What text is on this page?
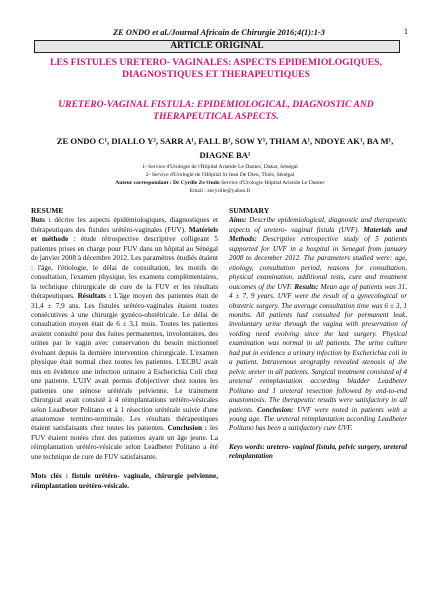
ZE ONDO et al./Journal Africain de Chirurgie 2016;4(1):1-3	1
ARTICLE ORIGINAL
LES FISTULES URETERO- VAGINALES: ASPECTS EPIDEMIOLOGIQUES, DIAGNOSTIQUES ET THERAPEUTIQUES
URETERO-VAGINAL FISTULA: EPIDEMIOLOGICAL, DIAGNOSTIC AND THERAPEUTICAL ASPECTS.
ZE ONDO C¹, DIALLO Y², SARR A¹, FALL B¹, SOW Y¹, THIAM A¹, NDOYE AK¹, BA M¹, DIAGNE BA¹
1- Service d'Urologie de l'Hôpital Aristide Le Dantec, Dakar, Sénégal
2- Service d'Urologie de l'Hôpital St Jean De Dieu, Thiès, Sénégal
Auteur correspondant : Dr Cyrille Ze Ondo Service d'Urologie Hôpital Aristide Le Dantec
Email : zecyrille@yahoo.fr
RESUME

Buts : décrire les aspects épidémiologiques, diagnostiques et thérapeutiques des fistules urétéro-vaginales (FUV). Matériels et méthode : étude rétrospective descriptive colligeant 5 patientes prises en charge pour FUV dans un hôpital au Sénégal de janvier 2008 à décembre 2012. Les paramètres étudiés étaient : l'âge, l'étiologie, le délai de consultation, les motifs de consultation, l'examen physique, les examens complémentaires, la technique chirurgicale de cure de la FUV et les résultats thérapeutiques. Résultats : L'âge moyen des patientes était de 31,4 ± 7,9 ans. Les fistules urétéro-vaginales étaient toutes consécutives à une chirurgie gynéco-obstétricale. Le délai de consultation moyen était de 6 ± 3,1 mois. Toutes les patientes avaient consulté pour des fuites permanentes, involontaires, des urines par le vagin avec conservation du besoin mictionnel évoluant depuis la dernière intervention chirurgicale. L'examen physique était normal chez toutes les patientes. L'ECBU avait mis en évidence une infection urinaire à Escherichia Coli chez une patiente. L'UIV avait permis d'objectiver chez toutes les patientes une sténose urétérale pelvienne. Le traitement chirurgical avait consisté à 4 réimplantations urétéro-vésicales selon Leadbeter Politano et à 1 résection urétérale suivie d'une anastomose termino-terminale. Les résultats thérapeutiques étaient satisfaisants chez toutes les patientes. Conclusion : les FUV étaient notées chez des patientes ayant un âge jeune. La réimplantation urétéro-vésicale selon Leadbeter Politano a été une technique de cure de FUV satisfaisante.

Mots clés : fistule urétéro- vaginale, chirurgie pelvienne, réimplantation urétéro-vésicale.

SUMMARY

Aims: Describe epidemiological, diagnostic and therapeutic aspects of uretero- vaginal fistula (UVF). Materials and Methods: Descriptive retrospective study of 5 patients supported for UVF in a hospital in Senegal from january 2008 to december 2012. The parameters studied were: age, etiology, consultation period, reasons for consultation, physical examination, additional tests, cure and treatment outcomes of the UVF. Results: Mean age of patients was 31, 4 ± 7, 9 years. UVF were the result of a gynecological or obstetric surgery. The average consultation time was 6 ± 3, 1 months. All patients had consulted for permanent leak, involuntary urine through the vagina with preservation of voiding need evolving since the last surgery. Physical examination was normal in all patients. The urine culture had put in evidence a urinary infection by Escherichia coli in a patient. Intravenous urography revealed stenosis of the pelvic ureter in all patients. Surgical treatment consisted of 4 ureteral reimplantation according bladder Leadbeter Politano and 1 ureteral resection followed by end-to-end anastomosis. The therapeutic results were satisfactory in all patients. Conclusion: UVF were noted in patients with a young age. The ureteral reimplantation according Leadbeter Politano has been a satisfactory cure UVF.

Keys words: uretero- vaginal fistula, pelvic surgery, ureteral reimplantation
